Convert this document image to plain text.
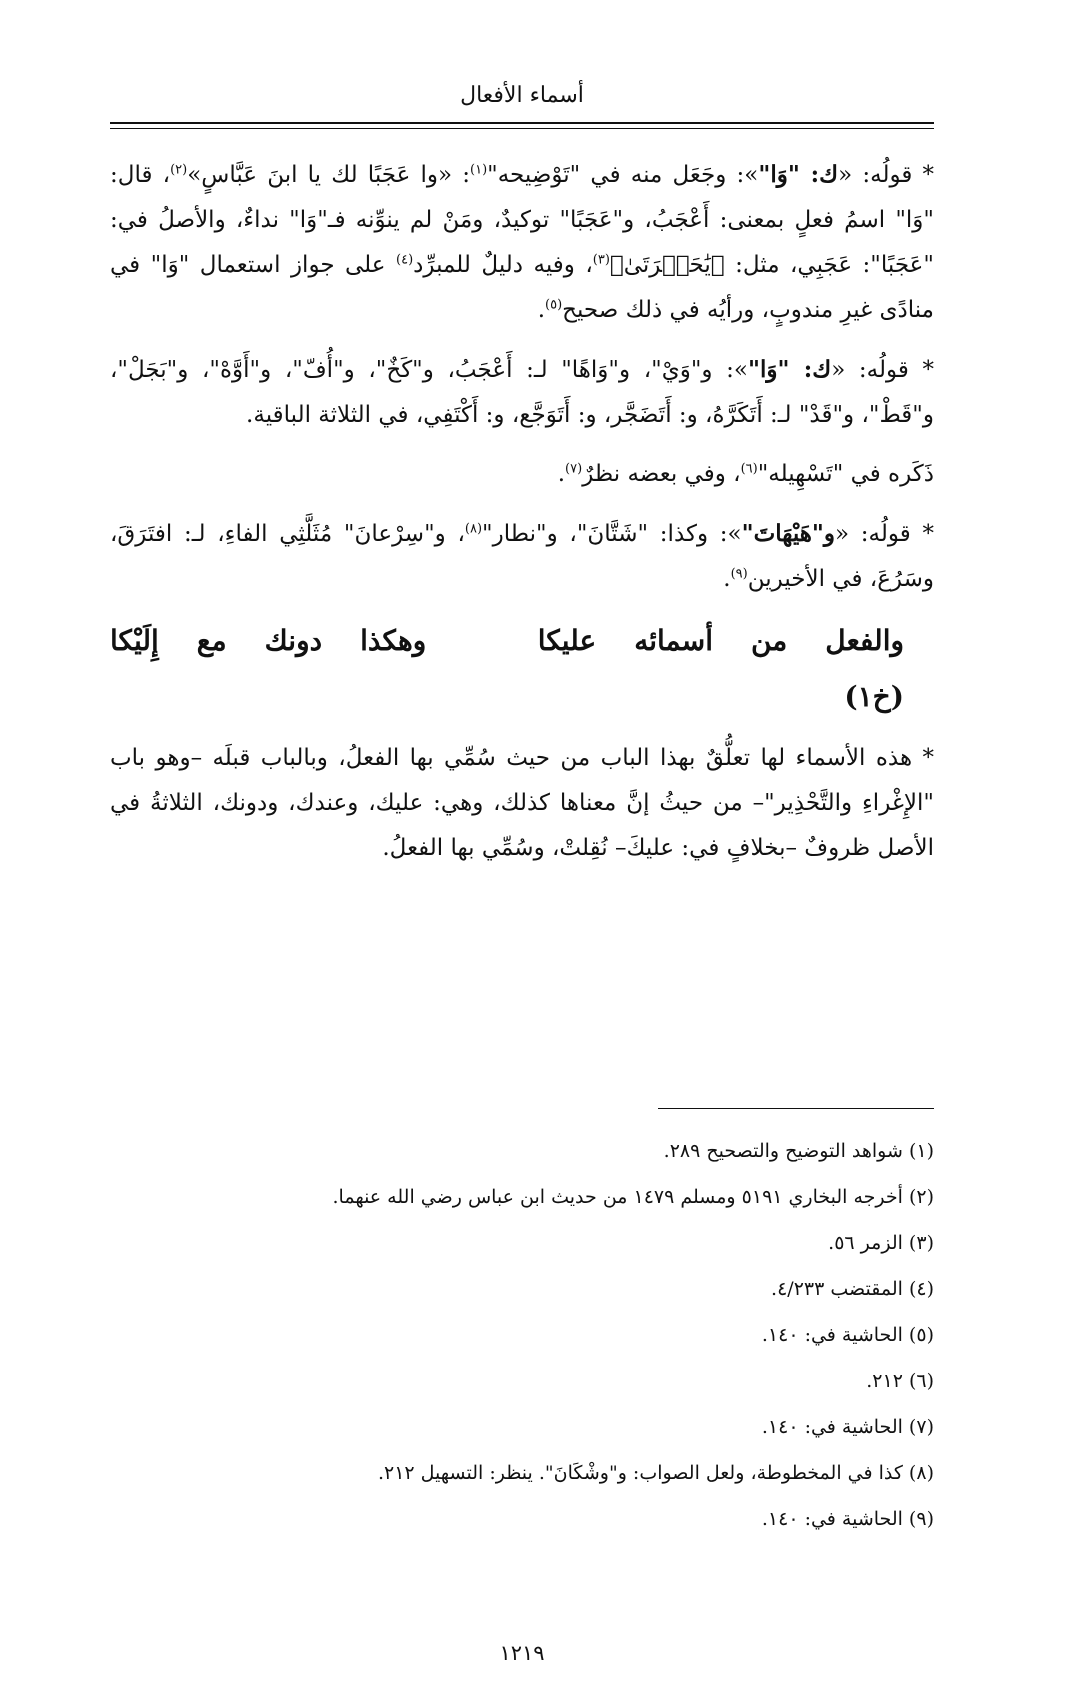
أسماء الأفعال

* قولُه: «ك: "وَا"»: وجَعَل منه في "تَوْضِيحه"$^{(١)}$: «وا عَجَبًا لك يا ابنَ عَبَّاسٍ»$^{(٢)}$، قال: "وَا" اسمُ فعلٍ بمعنى: أَعْجَبُ، و"عَجَبًا" توكيدٌ، ومَنْ لم ينوِّنه فـ"وَا" نداءٌ، والأصلُ في: "عَجَبًا": عَجَبِي، مثل: ﴿يَٰحَسۡرَتَىٰ﴾$^{(٣)}$، وفيه دليلٌ للمبرِّد$^{(٤)}$ على جواز استعمال "وَا" في منادًى غيرِ مندوبٍ، ورأيُه في ذلك صحيح$^{(٥)}$.

* قولُه: «ك: "وَا"»: و"وَيْ"، و"وَاهًا" لـ: أَعْجَبُ، و"كَخٌ"، و"أُفّ"، و"أَوَّهْ"، و"بَجَلْ"، و"قَطْ"، و"قَدْ" لـ: أَتَكَرَّهُ، و: أَتَضَجَّر، و: أَتَوَجَّع، و: أَكْتَفِي، في الثلاثة الباقية.

ذَكَره في "تَسْهِيله"$^{(٦)}$، وفي بعضه نظرٌ$^{(٧)}$.

* قولُه: «و"هَيْهَاتَ"»: وكذا: "شَتَّانَ"، و"نطار"$^{(٨)}$، و"سِرْعانَ" مُثَلَّثِي الفاءِ، لـ: افتَرَقَ، وسَرُعَ، في الأخيرين$^{(٩)}$.

والفعل
من
أسمائه
عليكا
وهكذا
دونك
مع
إِلَيْكا
(خ١)

* هذه الأسماء لها تعلُّقٌ بهذا الباب من حيث سُمِّي بها الفعلُ، وبالباب قبلَه –وهو باب "الإِغْراءِ والتَّحْذِير"– من حيثُ إنَّ معناها كذلك، وهي: عليك، وعندك، ودونك، الثلاثةُ في الأصل ظروفٌ –بخلافٍ في: عليكَ– نُقِلتْ، وسُمِّي بها الفعلُ.

(١) شواهد التوضيح والتصحيح ٢٨٩.

(٢) أخرجه البخاري ٥١٩١ ومسلم ١٤٧٩ من حديث ابن عباس رضي الله عنهما.

(٣) الزمر ٥٦.

(٤) المقتضب ٤/٢٣٣.

(٥) الحاشية في: ١٤٠.

(٦) ٢١٢.

(٧) الحاشية في: ١٤٠.

(٨) كذا في المخطوطة، ولعل الصواب: و"وشْكَانَ". ينظر: التسهيل ٢١٢.

(٩) الحاشية في: ١٤٠.

١٢١٩
